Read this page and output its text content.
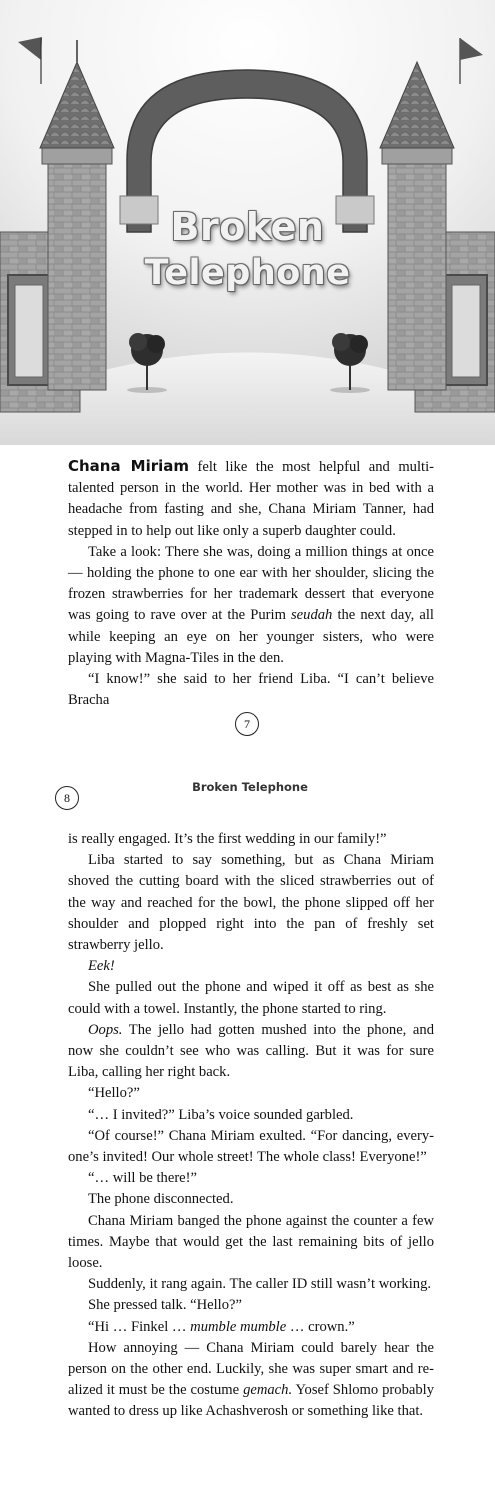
Broken
Telephone

Chana Miriam felt like the most helpful and multi-talented person in the world. Her mother was in bed with a headache from fasting and she, Chana Miriam Tanner, had stepped in to help out like only a superb daughter could.

Take a look: There she was, doing a million things at once — holding the phone to one ear with her shoulder, slicing the frozen strawberries for her trademark dessert that everyone was going to rave over at the Purim seudah the next day, all while keeping an eye on her younger sisters, who were playing with Magna-Tiles in the den.

“I know!” she said to her friend Liba. “I can’t believe Bracha

7
8
Broken Telephone

is really engaged. It’s the first wedding in our family!”

Liba started to say something, but as Chana Miriam shoved the cutting board with the sliced strawberries out of the way and reached for the bowl, the phone slipped off her shoulder and plopped right into the pan of freshly set strawberry jello.

Eek!

She pulled out the phone and wiped it off as best as she could with a towel. Instantly, the phone started to ring.

Oops. The jello had gotten mushed into the phone, and now she couldn’t see who was calling. But it was for sure Liba, calling her right back.

“Hello?”

“… I invited?” Liba’s voice sounded garbled.

“Of course!” Chana Miriam exulted. “For dancing, every-one’s invited! Our whole street! The whole class! Everyone!”

“… will be there!”

The phone disconnected.

Chana Miriam banged the phone against the counter a few times. Maybe that would get the last remaining bits of jello loose.

Suddenly, it rang again. The caller ID still wasn’t working.

She pressed talk. “Hello?”

“Hi … Finkel … mumble mumble … crown.”

How annoying — Chana Miriam could barely hear the person on the other end. Luckily, she was super smart and re-alized it must be the costume gemach. Yosef Shlomo probably wanted to dress up like Achashverosh or something like that.
